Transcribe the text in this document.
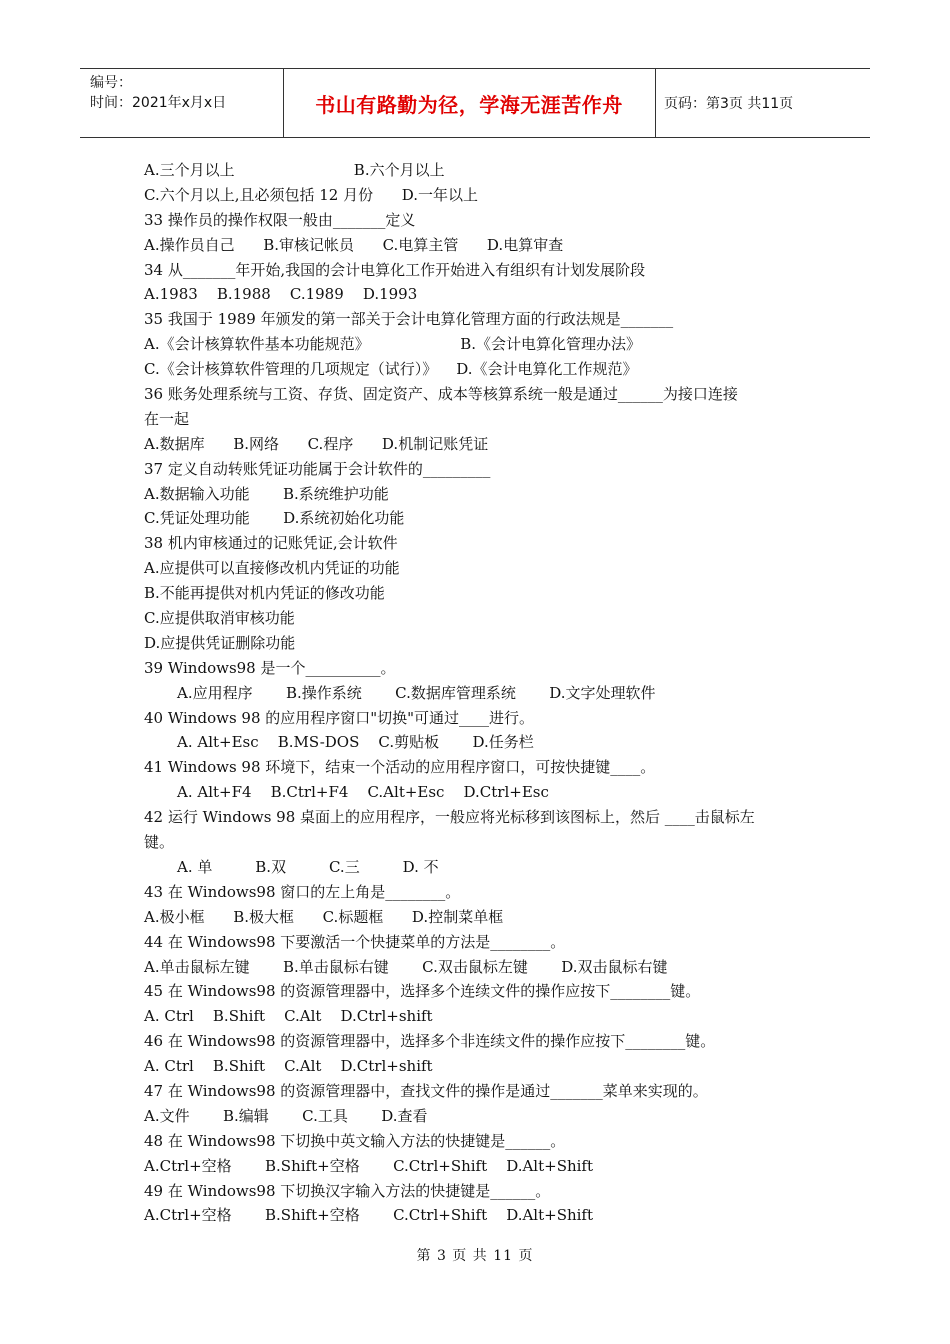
编号：
时间：2021年x月x日	书山有路勤为径，学海无涯苦作舟	页码：第3页 共11页
A.三个月以上                         B.六个月以上
C.六个月以上,且必须包括 12 月份      D.一年以上
33 操作员的操作权限一般由_______定义
A.操作员自己      B.审核记帐员      C.电算主管      D.电算审查
34 从_______年开始,我国的会计电算化工作开始进入有组织有计划发展阶段
A.1983    B.1988    C.1989    D.1993
35 我国于 1989 年颁发的第一部关于会计电算化管理方面的行政法规是_______
A.《会计核算软件基本功能规范》                   B.《会计电算化管理办法》
C.《会计核算软件管理的几项规定（试行）》    D.《会计电算化工作规范》
36 账务处理系统与工资、存货、固定资产、成本等核算系统一般是通过______为接口连接
在一起
A.数据库      B.网络      C.程序      D.机制记账凭证
37 定义自动转账凭证功能属于会计软件的_________
A.数据输入功能       B.系统维护功能
C.凭证处理功能       D.系统初始化功能
38 机内审核通过的记账凭证,会计软件
A.应提供可以直接修改机内凭证的功能
B.不能再提供对机内凭证的修改功能
C.应提供取消审核功能
D.应提供凭证删除功能
39 Windows98 是一个__________。
A.应用程序       B.操作系统       C.数据库管理系统       D.文字处理软件
40 Windows 98 的应用程序窗口"切换"可通过____进行。
A. Alt+Esc    B.MS-DOS    C.剪贴板       D.任务栏
41 Windows 98 环境下，结束一个活动的应用程序窗口，可按快捷键____。
A. Alt+F4    B.Ctrl+F4    C.Alt+Esc    D.Ctrl+Esc
42 运行 Windows 98 桌面上的应用程序，一般应将光标移到该图标上，然后 ____击鼠标左
键。
A. 单         B.双         C.三         D. 不
43 在 Windows98 窗口的左上角是________。
A.极小框      B.极大框      C.标题框      D.控制菜单框
44 在 Windows98 下要激活一个快捷菜单的方法是________。
A.单击鼠标左键       B.单击鼠标右键       C.双击鼠标左键       D.双击鼠标右键
45 在 Windows98 的资源管理器中，选择多个连续文件的操作应按下________键。
A. Ctrl    B.Shift    C.Alt    D.Ctrl+shift
46 在 Windows98 的资源管理器中，选择多个非连续文件的操作应按下________键。
A. Ctrl    B.Shift    C.Alt    D.Ctrl+shift
47 在 Windows98 的资源管理器中，查找文件的操作是通过_______菜单来实现的。
A.文件       B.编辑       C.工具       D.查看
48 在 Windows98 下切换中英文输入方法的快捷键是______。
A.Ctrl+空格       B.Shift+空格       C.Ctrl+Shift    D.Alt+Shift
49 在 Windows98 下切换汉字输入方法的快捷键是______。
A.Ctrl+空格       B.Shift+空格       C.Ctrl+Shift    D.Alt+Shift
第 3 页 共 11 页
